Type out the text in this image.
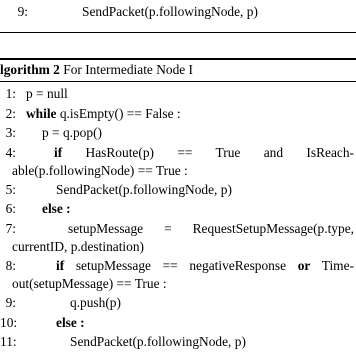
9:	SendPacket(p.followingNode, p)
lgorithm 2 For Intermediate Node I
1: p = null
2: while q.isEmpty() == False :
3: p = q.pop()
4:	if HasRoute(p) == True and IsReach-
able(p.followingNode) == True :
5:	SendPacket(p.followingNode, p)
6: else :
7:	setupMessage = RequestSetupMessage(p.type,
currentID, p.destination)
8:	if setupMessage == negativeResponse or Time-
out(setupMessage) == True :
9:	q.push(p)
10:	else :
11:	SendPacket(p.followingNode, p)
